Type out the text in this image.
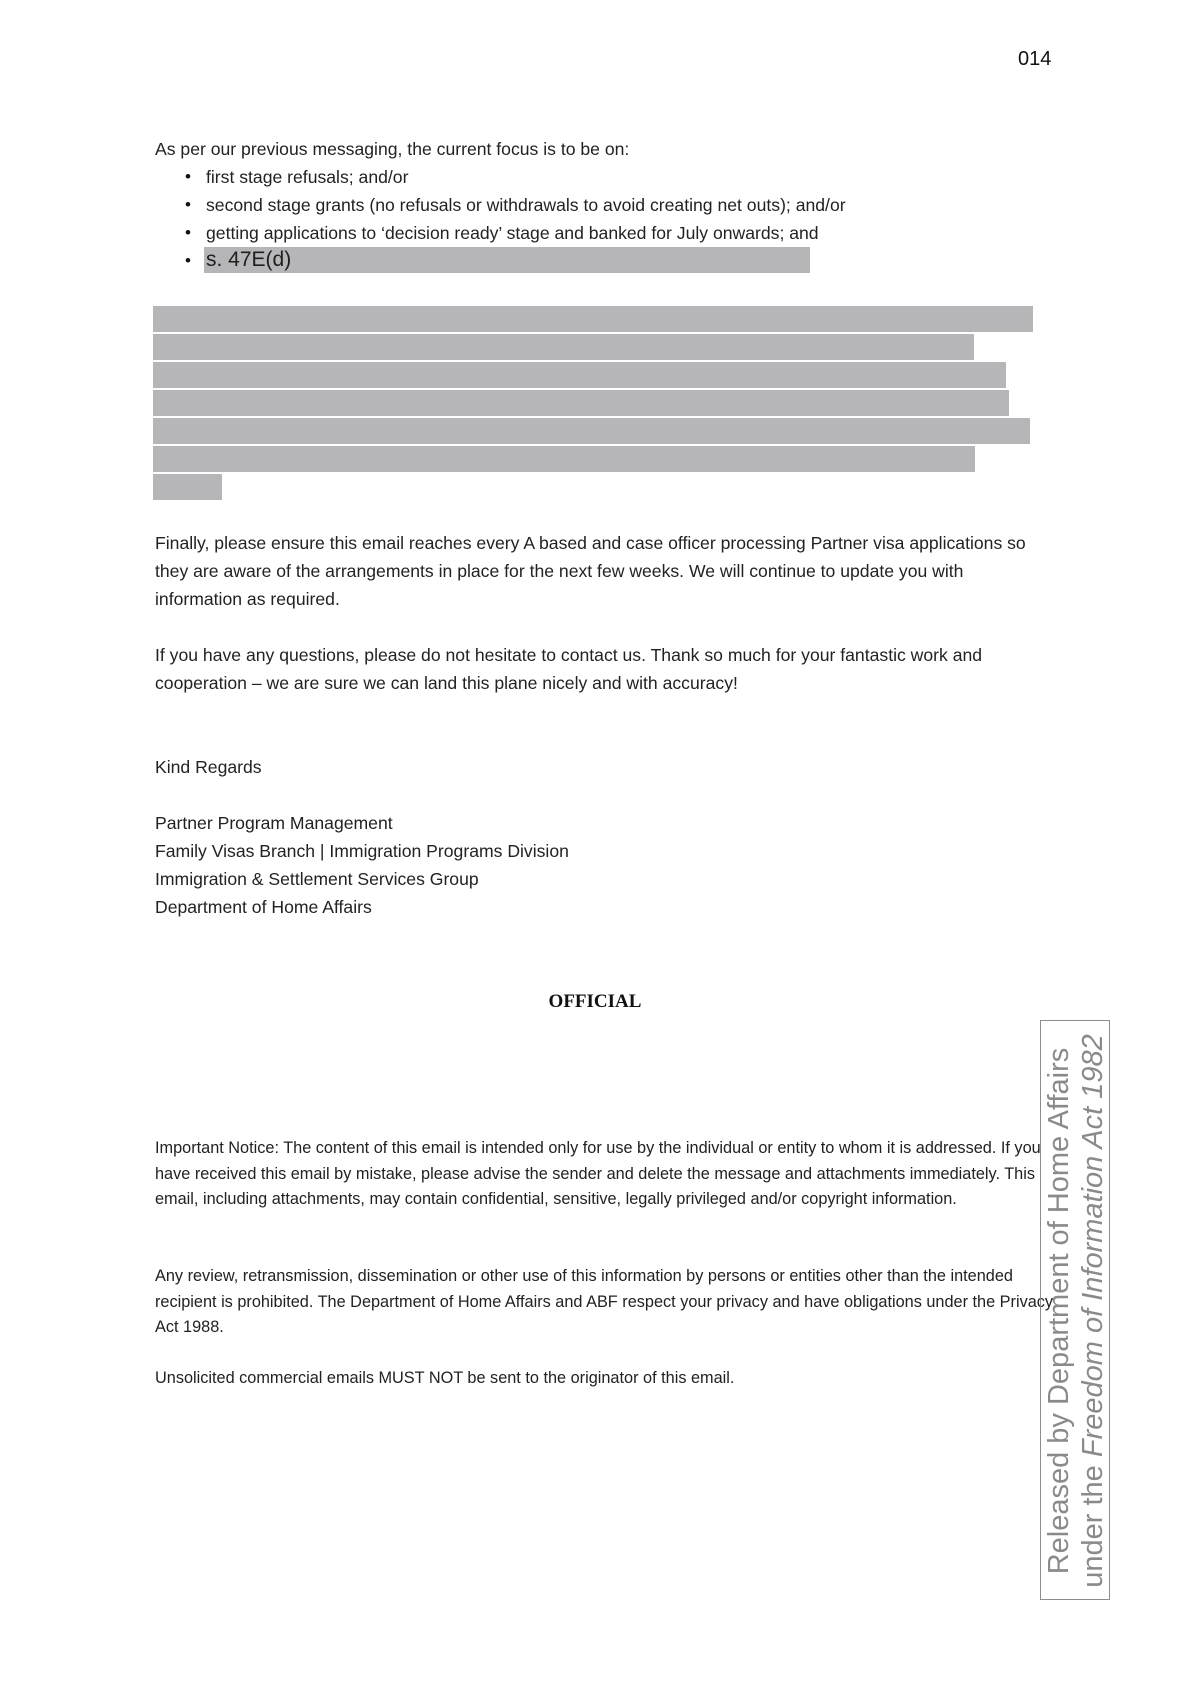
014
As per our previous messaging, the current focus is to be on:
• first stage refusals; and/or
• second stage grants (no refusals or withdrawals to avoid creating net outs); and/or
• getting applications to ‘decision ready’ stage and banked for July onwards; and
• s. 47E(d)
Finally, please ensure this email reaches every A based and case officer processing Partner visa applications so they are aware of the arrangements in place for the next few weeks. We will continue to update you with information as required.
If you have any questions, please do not hesitate to contact us. Thank so much for your fantastic work and cooperation – we are sure we can land this plane nicely and with accuracy!
Kind Regards
Partner Program Management
Family Visas Branch | Immigration Programs Division
Immigration & Settlement Services Group
Department of Home Affairs
OFFICIAL
Important Notice: The content of this email is intended only for use by the individual or entity to whom it is addressed. If you have received this email by mistake, please advise the sender and delete the message and attachments immediately. This email, including attachments, may contain confidential, sensitive, legally privileged and/or copyright information.
Any review, retransmission, dissemination or other use of this information by persons or entities other than the intended recipient is prohibited. The Department of Home Affairs and ABF respect your privacy and have obligations under the Privacy Act 1988.
Unsolicited commercial emails MUST NOT be sent to the originator of this email.	Released by Department of Home Affairs under the Freedom of Information Act 1982
